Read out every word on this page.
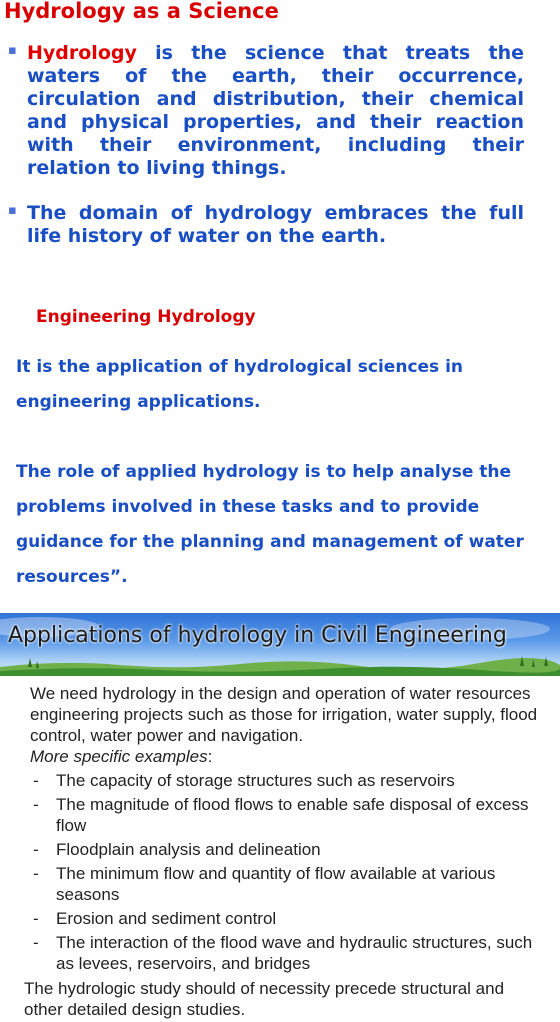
Hydrology as a Science
▪ Hydrology is the science that treats the waters of the earth, their occurrence, circulation and distribution, their chemical and physical properties, and their reaction with their environment, including their relation to living things.

▪ The domain of hydrology embraces the full life history of water on the earth.

Engineering Hydrology

It is the application of hydrological sciences in engineering applications.

The role of applied hydrology is to help analyse the problems involved in these tasks and to provide guidance for the planning and management of water resources”.

Applications of hydrology in Civil Engineering

We need hydrology in the design and operation of water resources engineering projects such as those for irrigation, water supply, flood control, water power and navigation.

More specific examples:

- The capacity of storage structures such as reservoirs
- The magnitude of flood flows to enable safe disposal of excess flow
- Floodplain analysis and delineation
- The minimum flow and quantity of flow available at various seasons
- Erosion and sediment control
- The interaction of the flood wave and hydraulic structures, such as levees, reservoirs, and bridges

The hydrologic study should of necessity precede structural and other detailed design studies.
